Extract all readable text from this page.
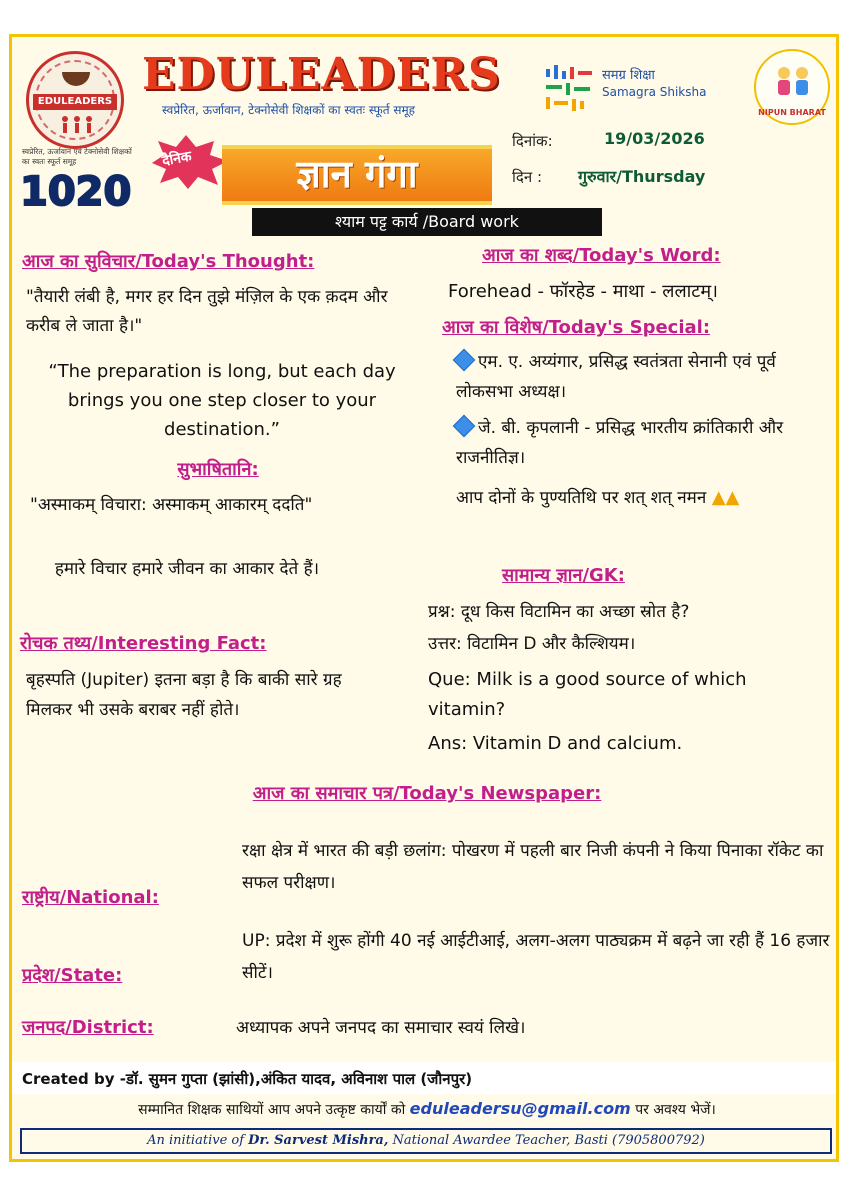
EDULEADERS
स्वप्रेरित, ऊर्जावान एवं टेक्नोसेवी शिक्षकों का स्वतः स्फूर्त समूह
EDULEADERS
स्वप्रेरित, ऊर्जावान, टेक्नोसेवी शिक्षकों का स्वतः स्फूर्त समूह
समग्र शिक्षा
Samagra Shiksha
NIPUN BHARAT
दिनांक:	19/03/2026
दिन : गुरुवार/Thursday
दैनिक	ज्ञान गंगा
1020
श्याम पट्ट कार्य /Board work
आज का सुविचार/Today's Thought:
"तैयारी लंबी है, मगर हर दिन तुझे मंज़िल के एक क़दम और करीब ले जाता है।"
“The preparation is long, but each day brings you one step closer to your destination.”
सुभाषितानि:
"अस्माकम् विचारा: अस्माकम् आकारम् ददति"
हमारे विचार हमारे जीवन का आकार देते हैं।
रोचक तथ्य/Interesting Fact:
बृहस्पति (Jupiter) इतना बड़ा है कि बाकी सारे ग्रह मिलकर भी उसके बराबर नहीं होते।
आज का शब्द/Today's Word:
Forehead - फॉरहेड - माथा - ललाटम्।
आज का विशेष/Today's Special:
एम. ए. अय्यंगार, प्रसिद्ध स्वतंत्रता सेनानी एवं पूर्व लोकसभा अध्यक्ष।
जे. बी. कृपलानी - प्रसिद्ध भारतीय क्रांतिकारी और राजनीतिज्ञ।
आप दोनों के पुण्यतिथि पर शत् शत् नमन ▲▲
सामान्य ज्ञान/GK:
प्रश्न: दूध किस विटामिन का अच्छा स्रोत है?
उत्तर: विटामिन D और कैल्शियम।
Que: Milk is a good source of which vitamin?
Ans: Vitamin D and calcium.
आज का समाचार पत्र/Today's Newspaper:
राष्ट्रीय/National:
रक्षा क्षेत्र में भारत की बड़ी छलांग: पोखरण में पहली बार निजी कंपनी ने किया पिनाका रॉकेट का सफल परीक्षण।
प्रदेश/State:
UP: प्रदेश में शुरू होंगी 40 नई आईटीआई, अलग-अलग पाठ्यक्रम में बढ़ने जा रही हैं 16 हजार सीटें।
जनपद/District:	अध्यापक अपने जनपद का समाचार स्वयं लिखे।
Created by -डॉ. सुमन गुप्ता (झांसी),अंकित यादव, अविनाश पाल (जौनपुर)
सम्मानित शिक्षक साथियों आप अपने उत्कृष्ट कार्यों को eduleadersu@gmail.com पर अवश्य भेजें।
An initiative of Dr. Sarvest Mishra, National Awardee Teacher, Basti (7905800792)
